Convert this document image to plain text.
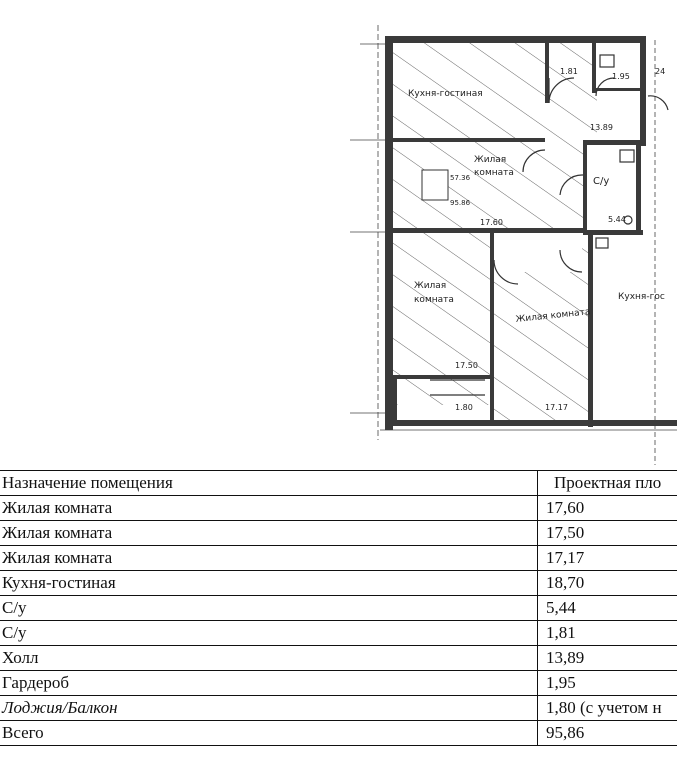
57.36
95.86
Кухня-гостиная
Жилая
комната
Жилая
комната
Жилая комната
С/у
Кухня-гос
17.60
17.50
17.17
5.44
1.81
1.95
1.80
13.89
24
Назначение помещения	Проектная пло
Жилая комната	17,60
Жилая комната	17,50
Жилая комната	17,17
Кухня-гостиная	18,70
С/у	5,44
С/у	1,81
Холл	13,89
Гардероб	1,95
Лоджия/Балкон	1,80 (с учетом н
Всего	95,86
